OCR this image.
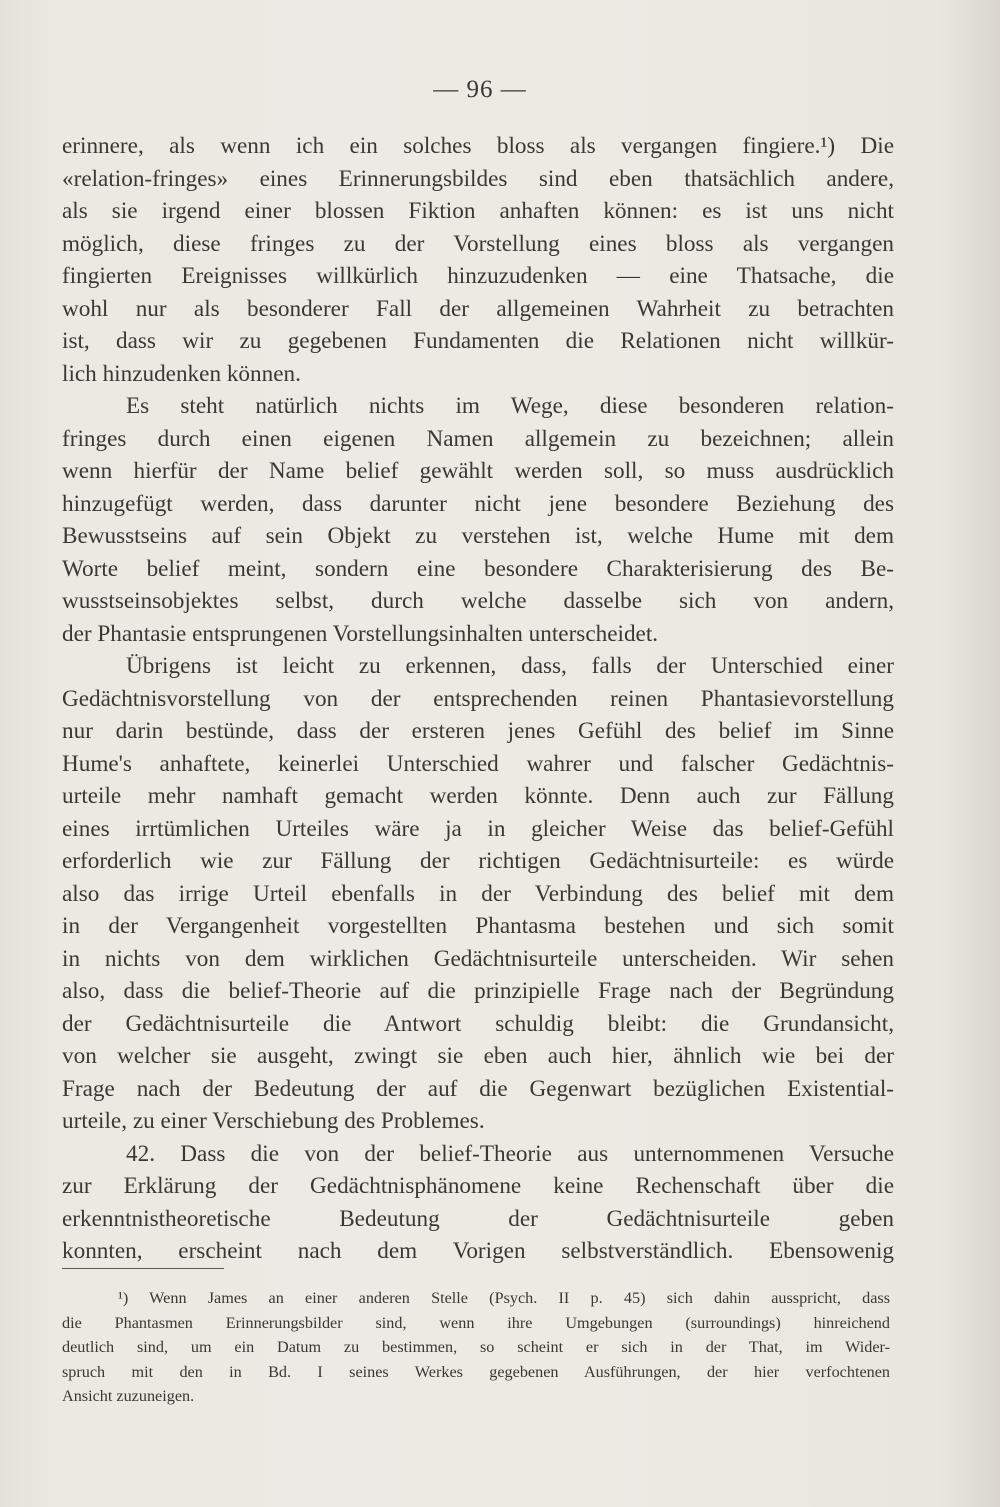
— 96 —
erinnere, als wenn ich ein solches bloss als vergangen fingiere.¹) Die
«relation-fringes» eines Erinnerungsbildes sind eben thatsächlich andere,
als sie irgend einer blossen Fiktion anhaften können: es ist uns nicht
möglich, diese fringes zu der Vorstellung eines bloss als vergangen
fingierten Ereignisses willkürlich hinzuzudenken — eine Thatsache, die
wohl nur als besonderer Fall der allgemeinen Wahrheit zu betrachten
ist, dass wir zu gegebenen Fundamenten die Relationen nicht willkür-
lich hinzudenken können.
Es steht natürlich nichts im Wege, diese besonderen relation-
fringes durch einen eigenen Namen allgemein zu bezeichnen; allein
wenn hierfür der Name belief gewählt werden soll, so muss ausdrücklich
hinzugefügt werden, dass darunter nicht jene besondere Beziehung des
Bewusstseins auf sein Objekt zu verstehen ist, welche Hume mit dem
Worte belief meint, sondern eine besondere Charakterisierung des Be-
wusstseinsobjektes selbst, durch welche dasselbe sich von andern,
der Phantasie entsprungenen Vorstellungsinhalten unterscheidet.
Übrigens ist leicht zu erkennen, dass, falls der Unterschied einer
Gedächtnisvorstellung von der entsprechenden reinen Phantasievorstellung
nur darin bestünde, dass der ersteren jenes Gefühl des belief im Sinne
Hume's anhaftete, keinerlei Unterschied wahrer und falscher Gedächtnis-
urteile mehr namhaft gemacht werden könnte. Denn auch zur Fällung
eines irrtümlichen Urteiles wäre ja in gleicher Weise das belief-Gefühl
erforderlich wie zur Fällung der richtigen Gedächtnisurteile: es würde
also das irrige Urteil ebenfalls in der Verbindung des belief mit dem
in der Vergangenheit vorgestellten Phantasma bestehen und sich somit
in nichts von dem wirklichen Gedächtnisurteile unterscheiden. Wir sehen
also, dass die belief-Theorie auf die prinzipielle Frage nach der Begründung
der Gedächtnisurteile die Antwort schuldig bleibt: die Grundansicht,
von welcher sie ausgeht, zwingt sie eben auch hier, ähnlich wie bei der
Frage nach der Bedeutung der auf die Gegenwart bezüglichen Existential-
urteile, zu einer Verschiebung des Problemes.
42. Dass die von der belief-Theorie aus unternommenen Versuche
zur Erklärung der Gedächtnisphänomene keine Rechenschaft über die
erkenntnistheoretische Bedeutung der Gedächtnisurteile geben
konnten, erscheint nach dem Vorigen selbstverständlich. Ebensowenig
¹) Wenn James an einer anderen Stelle (Psych. II p. 45) sich dahin ausspricht, dass
die Phantasmen Erinnerungsbilder sind, wenn ihre Umgebungen (surroundings) hinreichend
deutlich sind, um ein Datum zu bestimmen, so scheint er sich in der That, im Wider-
spruch mit den in Bd. I seines Werkes gegebenen Ausführungen, der hier verfochtenen
Ansicht zuzuneigen.
